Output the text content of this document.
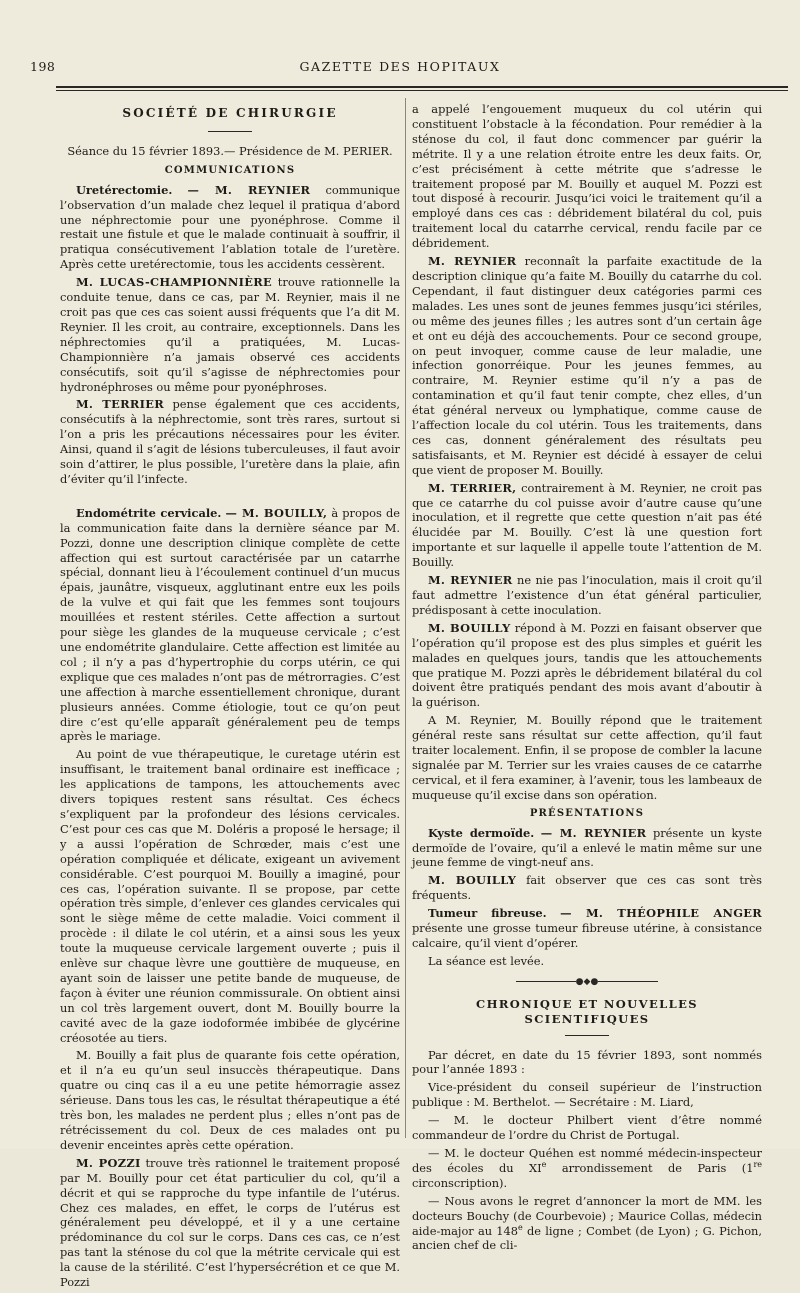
198	GAZETTE DES HOPITAUX
SOCIÉTÉ DE CHIRURGIE

Séance du 15 février 1893.— Présidence de M. PERIER.

COMMUNICATIONS

Uretérectomie. — M. REYNIER communique l’observation d’un malade chez lequel il pratiqua d’abord une néphrectomie pour une pyonéphrose. Comme il restait une fistule et que le malade continuait à souffrir, il pratiqua consécutivement l’ablation totale de l’uretère. Après cette uretérectomie, tous les accidents cessèrent.

M. LUCAS-CHAMPIONNIÈRE trouve rationnelle la conduite tenue, dans ce cas, par M. Reynier, mais il ne croit pas que ces cas soient aussi fréquents que l’a dit M. Reynier. Il les croit, au contraire, exceptionnels. Dans les néphrectomies qu’il a pratiquées, M. Lucas-Championnière n’a jamais observé ces accidents consécutifs, soit qu’il s’agisse de néphrectomies pour hydronéphroses ou même pour pyonéphroses.

M. TERRIER pense également que ces accidents, consécutifs à la néphrectomie, sont très rares, surtout si l’on a pris les précautions nécessaires pour les éviter. Ainsi, quand il s’agit de lésions tuberculeuses, il faut avoir soin d’attirer, le plus possible, l’uretère dans la plaie, afin d’éviter qu’il l’infecte.

Endométrite cervicale. — M. BOUILLY, à propos de la communication faite dans la dernière séance par M. Pozzi, donne une description clinique complète de cette affection qui est surtout caractérisée par un catarrhe spécial, donnant lieu à l’écoulement continuel d’un mucus épais, jaunâtre, visqueux, agglutinant entre eux les poils de la vulve et qui fait que les femmes sont toujours mouillées et restent stériles. Cette affection a surtout pour siège les glandes de la muqueuse cervicale ; c’est une endométrite glandulaire. Cette affection est limitée au col ; il n’y a pas d’hypertrophie du corps utérin, ce qui explique que ces malades n’ont pas de métrorragies. C’est une affection à marche essentiellement chronique, durant plusieurs années. Comme étiologie, tout ce qu’on peut dire c’est qu’elle apparaît généralement peu de temps après le mariage.

Au point de vue thérapeutique, le curetage utérin est insuffisant, le traitement banal ordinaire est inefficace ; les applications de tampons, les attouchements avec divers topiques restent sans résultat. Ces échecs s’expliquent par la profondeur des lésions cervicales. C’est pour ces cas que M. Doléris a proposé le hersage; il y a aussi l’opération de Schrœder, mais c’est une opération compliquée et délicate, exigeant un avivement considérable. C’est pourquoi M. Bouilly a imaginé, pour ces cas, l’opération suivante. Il se propose, par cette opération très simple, d’enlever ces glandes cervicales qui sont le siège même de cette maladie. Voici comment il procède : il dilate le col utérin, et a ainsi sous les yeux toute la muqueuse cervicale largement ouverte ; puis il enlève sur chaque lèvre une gouttière de muqueuse, en ayant soin de laisser une petite bande de muqueuse, de façon à éviter une réunion commissurale. On obtient ainsi un col très largement ouvert, dont M. Bouilly bourre la cavité avec de la gaze iodoformée imbibée de glycérine créosotée au tiers.

M. Bouilly a fait plus de quarante fois cette opération, et il n’a eu qu’un seul insuccès thérapeutique. Dans quatre ou cinq cas il a eu une petite hémorragie assez sérieuse. Dans tous les cas, le résultat thérapeutique a été très bon, les malades ne perdent plus ; elles n’ont pas de rétrécissement du col. Deux de ces malades ont pu devenir enceintes après cette opération.

M. POZZI trouve très rationnel le traitement proposé par M. Bouilly pour cet état particulier du col, qu’il a décrit et qui se rapproche du type infantile de l’utérus. Chez ces malades, en effet, le corps de l’utérus est généralement peu développé, et il y a une certaine prédominance du col sur le corps. Dans ces cas, ce n’est pas tant la sténose du col que la métrite cervicale qui est la cause de la stérilité. C’est l’hypersécrétion et ce que M. Pozzi

a appelé l’engouement muqueux du col utérin qui constituent l’obstacle à la fécondation. Pour remédier à la sténose du col, il faut donc commencer par guérir la métrite. Il y a une relation étroite entre les deux faits. Or, c’est précisément à cette métrite que s’adresse le traitement proposé par M. Bouilly et auquel M. Pozzi est tout disposé à recourir. Jusqu’ici voici le traitement qu’il a employé dans ces cas : débridement bilatéral du col, puis traitement local du catarrhe cervical, rendu facile par ce débridement.

M. REYNIER reconnaît la parfaite exactitude de la description clinique qu’a faite M. Bouilly du catarrhe du col. Cependant, il faut distinguer deux catégories parmi ces malades. Les unes sont de jeunes femmes jusqu’ici stériles, ou même des jeunes filles ; les autres sont d’un certain âge et ont eu déjà des accouchements. Pour ce second groupe, on peut invoquer, comme cause de leur maladie, une infection gonorréique. Pour les jeunes femmes, au contraire, M. Reynier estime qu’il n’y a pas de contamination et qu’il faut tenir compte, chez elles, d’un état général nerveux ou lymphatique, comme cause de l’affection locale du col utérin. Tous les traitements, dans ces cas, donnent généralement des résultats peu satisfaisants, et M. Reynier est décidé à essayer de celui que vient de proposer M. Bouilly.

M. TERRIER, contrairement à M. Reynier, ne croit pas que ce catarrhe du col puisse avoir d’autre cause qu’une inoculation, et il regrette que cette question n’ait pas été élucidée par M. Bouilly. C’est là une question fort importante et sur laquelle il appelle toute l’attention de M. Bouilly.

M. REYNIER ne nie pas l’inoculation, mais il croit qu’il faut admettre l’existence d’un état général particulier, prédisposant à cette inoculation.

M. BOUILLY répond à M. Pozzi en faisant observer que l’opération qu’il propose est des plus simples et guérit les malades en quelques jours, tandis que les attouchements que pratique M. Pozzi après le débridement bilatéral du col doivent être pratiqués pendant des mois avant d’aboutir à la guérison.

A M. Reynier, M. Bouilly répond que le traitement général reste sans résultat sur cette affection, qu’il faut traiter localement. Enfin, il se propose de combler la lacune signalée par M. Terrier sur les vraies causes de ce catarrhe cervical, et il fera examiner, à l’avenir, tous les lambeaux de muqueuse qu’il excise dans son opération.

PRÉSENTATIONS

Kyste dermoïde. — M. REYNIER présente un kyste dermoïde de l’ovaire, qu’il a enlevé le matin même sur une jeune femme de vingt-neuf ans.

M. BOUILLY fait observer que ces cas sont très fréquents.

Tumeur fibreuse. — M. THÉOPHILE ANGER présente une grosse tumeur fibreuse utérine, à consistance calcaire, qu’il vient d’opérer.

La séance est levée.

●◆●
CHRONIQUE ET NOUVELLES SCIENTIFIQUES

Par décret, en date du 15 février 1893, sont nommés pour l’année 1893 :

Vice-président du conseil supérieur de l’instruction publique : M. Berthelot. — Secrétaire : M. Liard,

— M. le docteur Philbert vient d’être nommé commandeur de l’ordre du Christ de Portugal.

— M. le docteur Quéhen est nommé médecin-inspecteur des écoles du XIe arrondissement de Paris (1re circonscription).

— Nous avons le regret d’annoncer la mort de MM. les docteurs Bouchy (de Courbevoie) ; Maurice Collas, médecin aide-major au 148e de ligne ; Combet (de Lyon) ; G. Pichon, ancien chef de cli-
